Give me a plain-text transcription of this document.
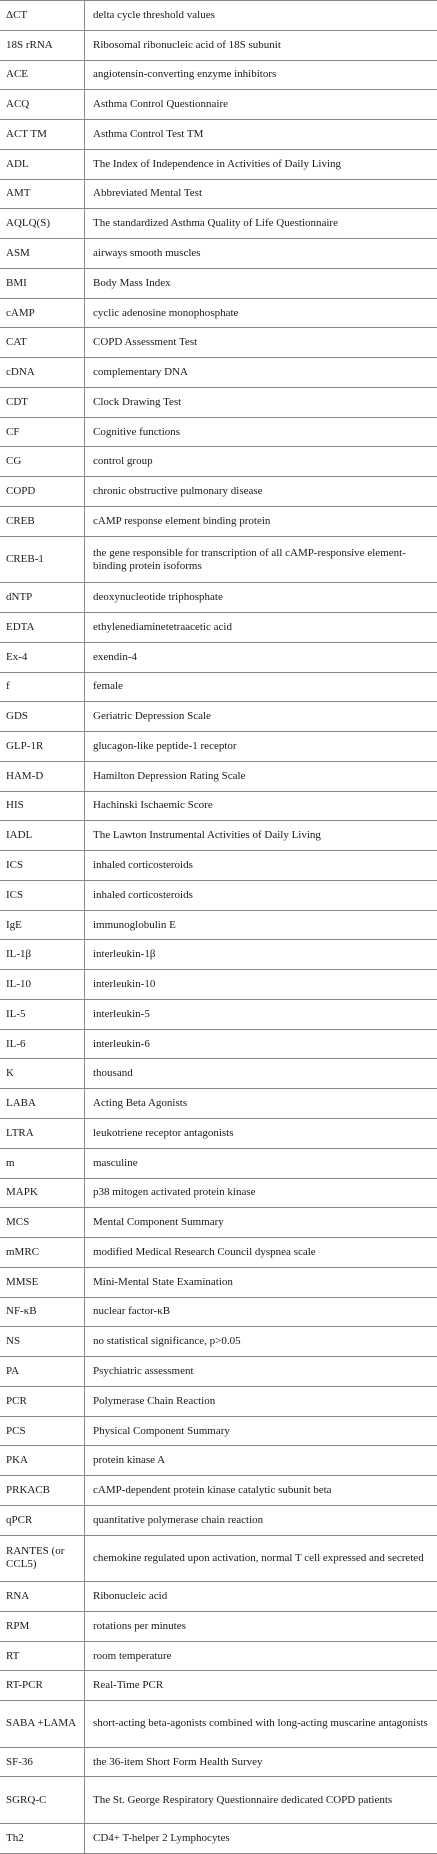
ΔCT	delta cycle threshold values
18S rRNA	Ribosomal ribonucleic acid of 18S subunit
ACE	angiotensin-converting enzyme inhibitors
ACQ	Asthma Control Questionnaire
ACT TM	Asthma Control Test TM
ADL	The Index of Independence in Activities of Daily Living
AMT	Abbreviated Mental Test
AQLQ(S)	The standardized Asthma Quality of Life Questionnaire
ASM	airways smooth muscles
BMI	Body Mass Index
cAMP	cyclic adenosine monophosphate
CAT	COPD Assessment Test
cDNA	complementary DNA
CDT	Clock Drawing Test
CF	Cognitive functions
CG	control group
COPD	chronic obstructive pulmonary disease
CREB	cAMP response element binding protein
CREB-1	the gene responsible for transcription of all cAMP-responsive element-binding protein isoforms
dNTP	deoxynucleotide triphosphate
EDTA	ethylenediaminetetraacetic acid
Ex-4	exendin-4
f	female
GDS	Geriatric Depression Scale
GLP-1R	glucagon-like peptide-1 receptor
HAM-D	Hamilton Depression Rating Scale
HIS	Hachinski Ischaemic Score
IADL	The Lawton Instrumental Activities of Daily Living
ICS	inhaled corticosteroids
ICS	inhaled corticosteroids
IgE	immunoglobulin E
IL-1β	interleukin-1β
IL-10	interleukin-10
IL-5	interleukin-5
IL-6	interleukin-6
K	thousand
LABA	Acting Beta Agonists
LTRA	leukotriene receptor antagonists
m	masculine
MAPK	p38 mitogen activated protein kinase
MCS	Mental Component Summary
mMRC	modified Medical Research Council dyspnea scale
MMSE	Mini-Mental State Examination
NF-κB	nuclear factor-κB
NS	no statistical significance, p>0.05
PA	Psychiatric assessment
PCR	Polymerase Chain Reaction
PCS	Physical Component Summary
PKA	protein kinase A
PRKACB	cAMP-dependent protein kinase catalytic subunit beta
qPCR	quantitative polymerase chain reaction
RANTES (or CCL5)	chemokine regulated upon activation, normal T cell expressed and secreted
RNA	Ribonucleic acid
RPM	rotations per minutes
RT	room temperature
RT-PCR	Real-Time PCR
SABA +LAMA	short-acting beta-agonists combined with long-acting muscarine antagonists
SF-36	the 36-item Short Form Health Survey
SGRQ-C	The St. George Respiratory Questionnaire dedicated COPD patients
Th2	CD4+ T-helper 2 Lymphocytes
